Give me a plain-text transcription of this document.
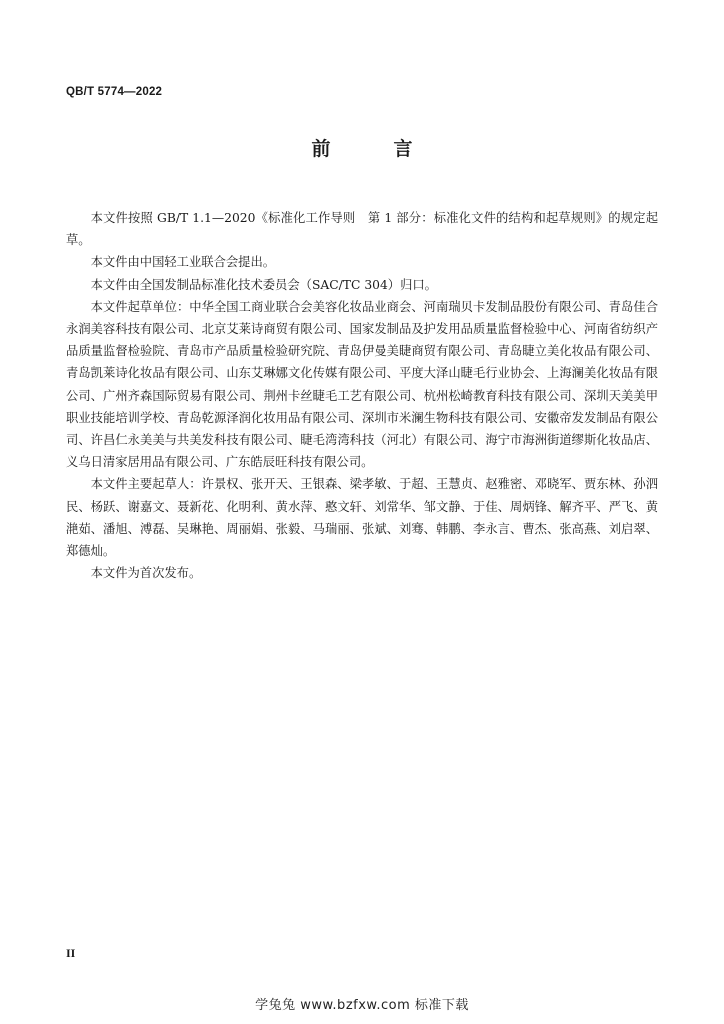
QB/T 5774—2022
前　言

本文件按照 GB/T 1.1—2020《标准化工作导则　第 1 部分：标准化文件的结构和起草规则》的规定起草。

本文件由中国轻工业联合会提出。

本文件由全国发制品标准化技术委员会（SAC/TC 304）归口。

本文件起草单位：中华全国工商业联合会美容化妆品业商会、河南瑞贝卡发制品股份有限公司、青岛佳合永润美容科技有限公司、北京艾莱诗商贸有限公司、国家发制品及护发用品质量监督检验中心、河南省纺织产品质量监督检验院、青岛市产品质量检验研究院、青岛伊曼美睫商贸有限公司、青岛睫立美化妆品有限公司、青岛凯莱诗化妆品有限公司、山东艾琳娜文化传媒有限公司、平度大泽山睫毛行业协会、上海澜美化妆品有限公司、广州齐森国际贸易有限公司、荆州卡丝睫毛工艺有限公司、杭州松崎教育科技有限公司、深圳天美美甲职业技能培训学校、青岛乾源泽润化妆用品有限公司、深圳市米澜生物科技有限公司、安徽帝发发制品有限公司、许昌仁永美美与共美发科技有限公司、睫毛湾湾科技（河北）有限公司、海宁市海洲街道缪斯化妆品店、义乌日清家居用品有限公司、广东皓辰旺科技有限公司。

本文件主要起草人：许景权、张开天、王银森、梁孝敏、于超、王慧贞、赵雅密、邓晓军、贾东林、孙泗民、杨跃、谢嘉文、聂新花、化明利、黄水萍、憨文轩、刘常华、邹文静、于佳、周炳锋、解齐平、严飞、黄滟茹、潘旭、溥磊、吴琳艳、周丽娟、张毅、马瑞丽、张斌、刘骞、韩鹏、李永言、曹杰、张高燕、刘启翠、郑德灿。

本文件为首次发布。

II
学兔兔 www.bzfxw.com 标准下载
